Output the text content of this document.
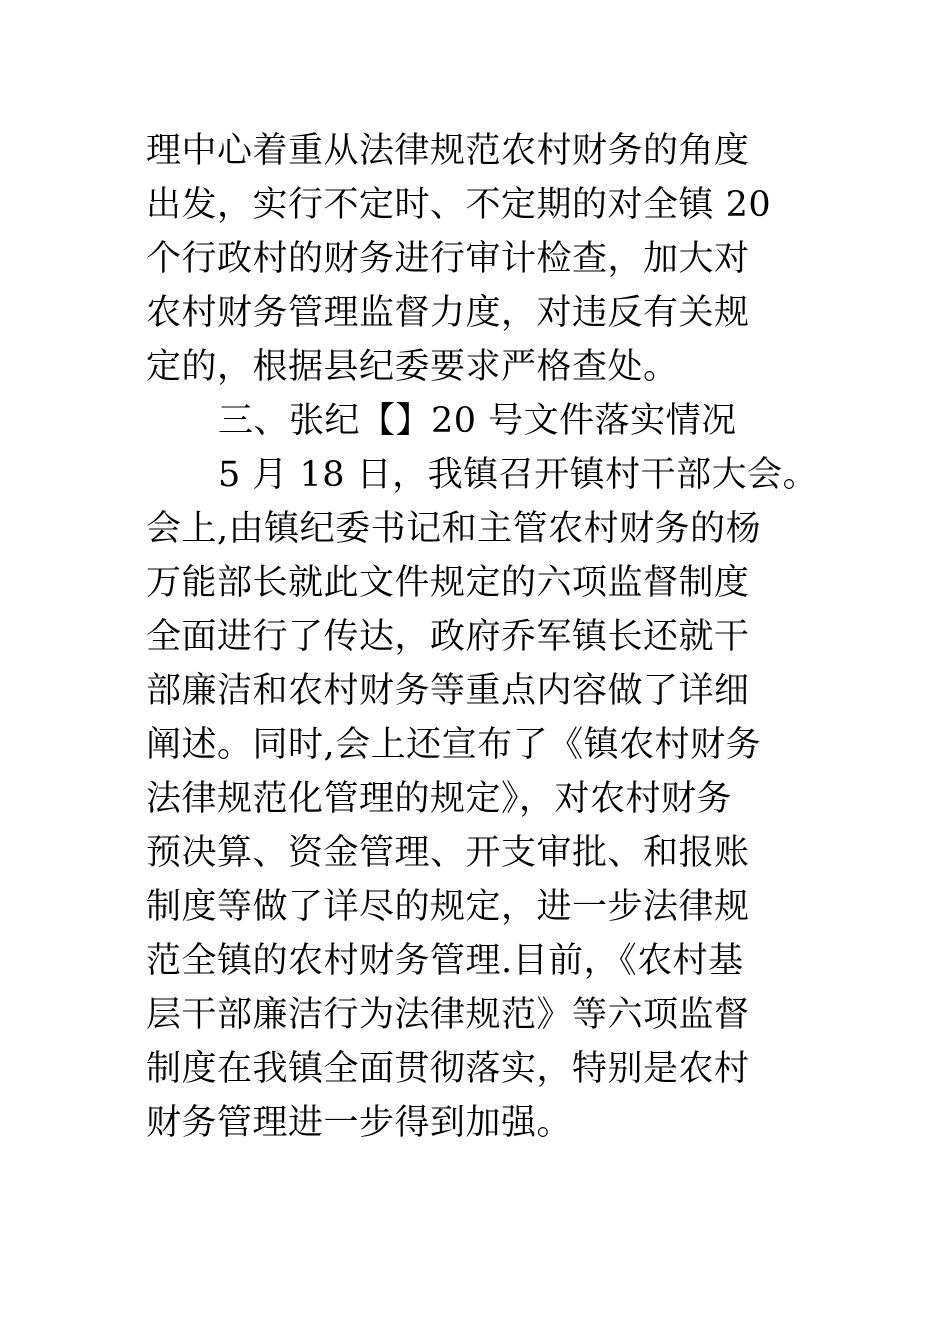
理中心着重从法律规范农村财务的角度
出发，实行不定时、不定期的对全镇 20
个行政村的财务进行审计检查，加大对
农村财务管理监督力度，对违反有关规
定的，根据县纪委要求严格查处。
三、张纪【】20 号文件落实情况
5 月 18 日，我镇召开镇村干部大会。
会上,由镇纪委书记和主管农村财务的杨
万能部长就此文件规定的六项监督制度
全面进行了传达，政府乔军镇长还就干
部廉洁和农村财务等重点内容做了详细
阐述。同时,会上还宣布了《镇农村财务
法律规范化管理的规定》，对农村财务
预决算、资金管理、开支审批、和报账
制度等做了详尽的规定，进一步法律规
范全镇的农村财务管理.目前，《农村基
层干部廉洁行为法律规范》等六项监督
制度在我镇全面贯彻落实，特别是农村
财务管理进一步得到加强。
